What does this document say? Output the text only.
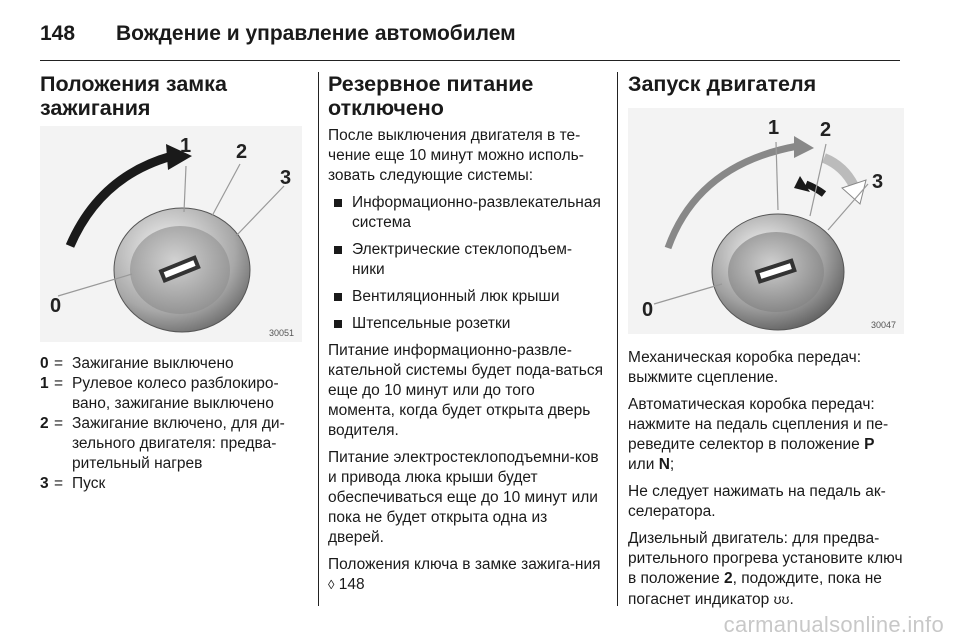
148	Вождение и управление автомобилем
Положения замка зажигания
0
1 2
3
30051
0 = Зажигание выключено
1 = Рулевое колесо разблокиро-вано, зажигание выключено
2 = Зажигание включено, для ди-зельного двигателя: предва-рительный нагрев
3 = Пуск
Резервное питание отключено

После выключения двигателя в те-чение еще 10 минут можно исполь-зовать следующие системы:

Информационно-развлекательная система
Электрические стеклоподъем-ники
Вентиляционный люк крыши
Штепсельные розетки

Питание информационно-развле-кательной системы будет пода-ваться еще до 10 минут или до того момента, когда будет открыта дверь водителя.

Питание электростеклоподъемни-ков и привода люка крыши будет обеспечиваться еще до 10 минут или пока не будет открыта одна из дверей.

Положения ключа в замке зажига-ния ◊ 148

Запуск двигателя
0
1 2
3
30047

Механическая коробка передач: выжмите сцепление.

Автоматическая коробка передач: нажмите на педаль сцепления и пе-реведите селектор в положение P или N;

Не следует нажимать на педаль ак-селератора.

Дизельный двигатель: для предва-рительного прогрева установите ключ в положение 2, подождите, пока не погаснет индикатор ʊʊ.

carmanualsonline.info
